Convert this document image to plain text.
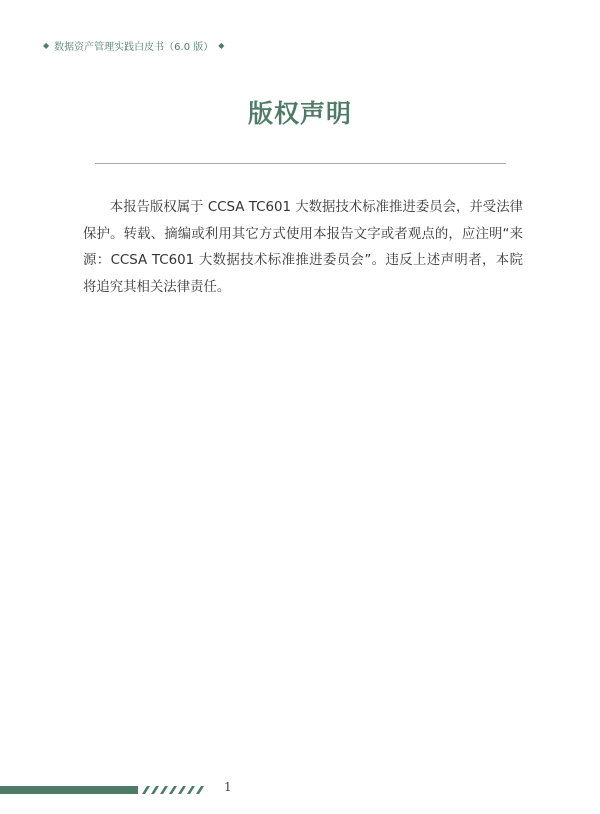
◆ 数据资产管理实践白皮书（6.0 版） ◆
版权声明

本报告版权属于 CCSA TC601 大数据技术标准推进委员会，并受法律保护。转载、摘编或利用其它方式使用本报告文字或者观点的，应注明“来源：CCSA TC601 大数据技术标准推进委员会”。违反上述声明者，本院将追究其相关法律责任。

1
